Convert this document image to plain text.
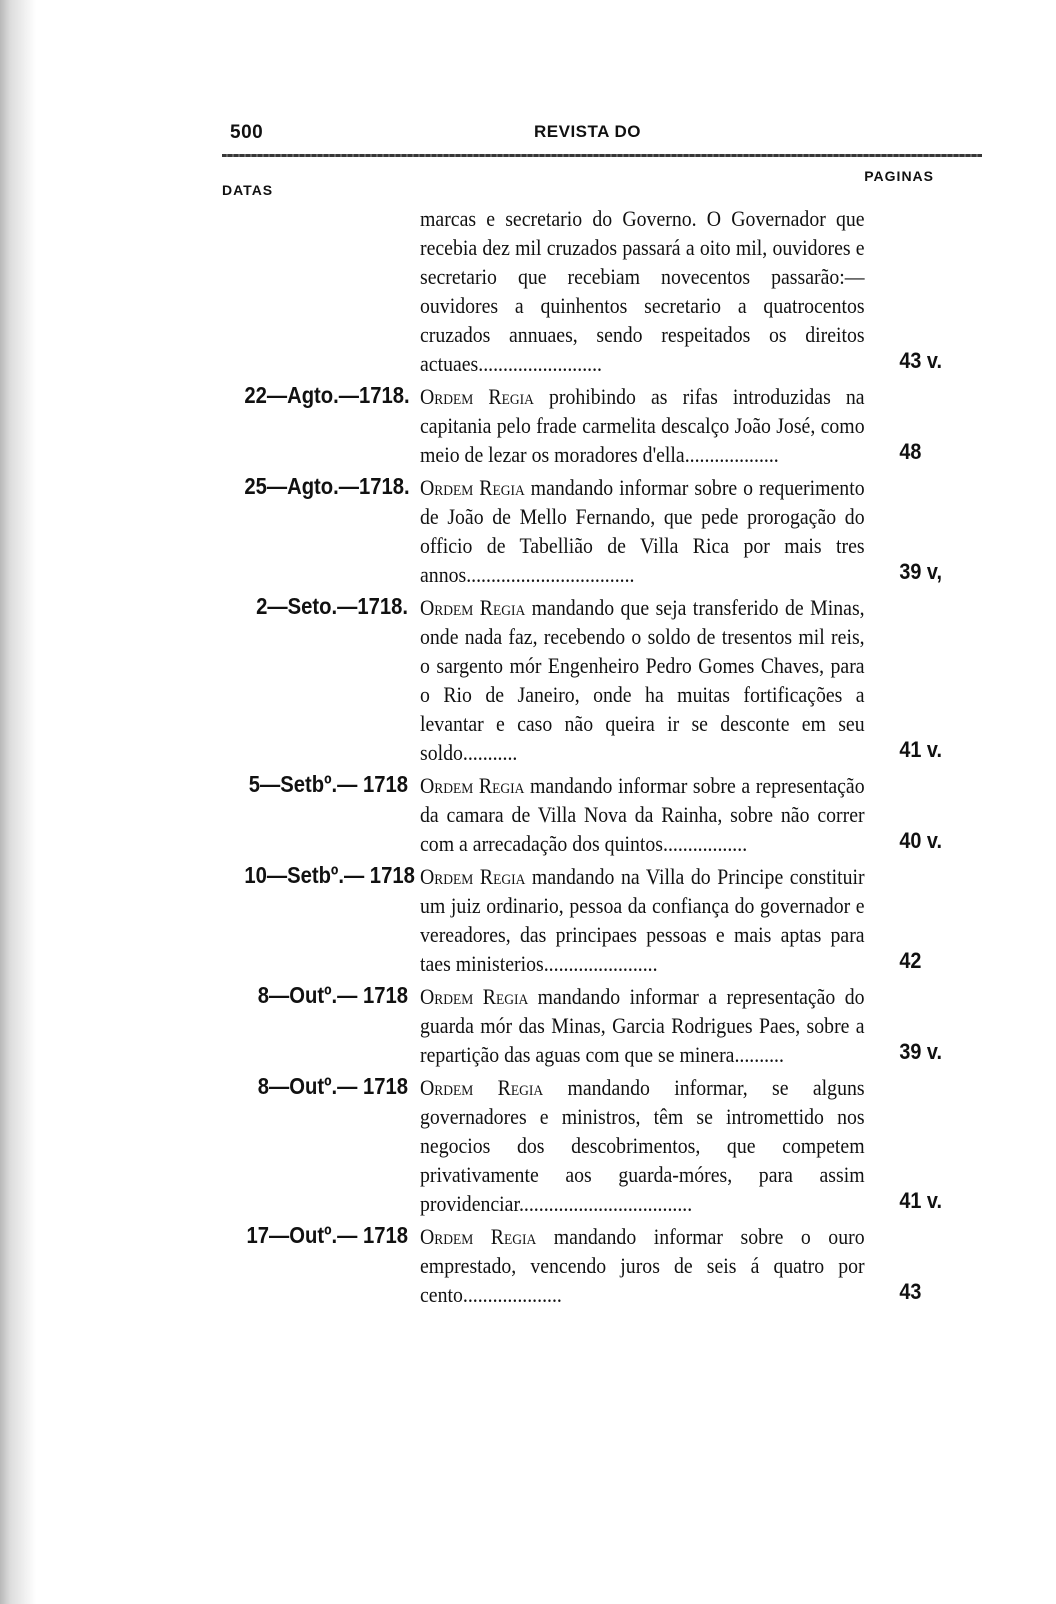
500	REVISTA DO
DATAS
PAGINAS
marcas e secretario do Governo. O Governador que recebia dez mil cruzados passará a oito mil, ouvidores e secretario que recebiam novecentos passarão:—ouvidores a quinhentos secretario a quatrocentos cruzados annuaes, sendo respeitados os direitos actuaes.........................	43 v.
22—Agto.—1718. Ordem Regia prohibindo as rifas introduzidas na capitania pelo frade carmelita descalço João José, como meio de lezar os moradores d'ella...................	48
25—Agto.—1718. Ordem Regia mandando informar sobre o requerimento de João de Mello Fernando, que pede prorogação do officio de Tabellião de Villa Rica por mais tres annos..................................	39 v,
2—Seto.—1718. Ordem Regia mandando que seja transferido de Minas, onde nada faz, recebendo o soldo de tresentos mil reis, o sargento mór Engenheiro Pedro Gomes Chaves, para o Rio de Janeiro, onde ha muitas fortificações a levantar e caso não queira ir se desconte em seu soldo...........	41 v.
5—Setbº.— 1718 Ordem Regia mandando informar sobre a representação da camara de Villa Nova da Rainha, sobre não correr com a arrecadação dos quintos.................	40 v.
10—Setbº.— 1718 Ordem Regia mandando na Villa do Principe constituir um juiz ordinario, pessoa da confiança do governador e vereadores, das principaes pessoas e mais aptas para taes ministerios.......................	42
8—Outº.— 1718 Ordem Regia mandando informar a representação do guarda mór das Minas, Garcia Rodrigues Paes, sobre a repartição das aguas com que se minera..........	39 v.
8—Outº.— 1718 Ordem Regia mandando informar, se alguns governadores e ministros, têm se intromettido nos negocios dos descobrimentos, que competem privativamente aos guarda-móres, para assim providenciar...................................	41 v.
17—Outº.— 1718 Ordem Regia mandando informar sobre o ouro emprestado, vencendo juros de seis á quatro por cento....................	43
